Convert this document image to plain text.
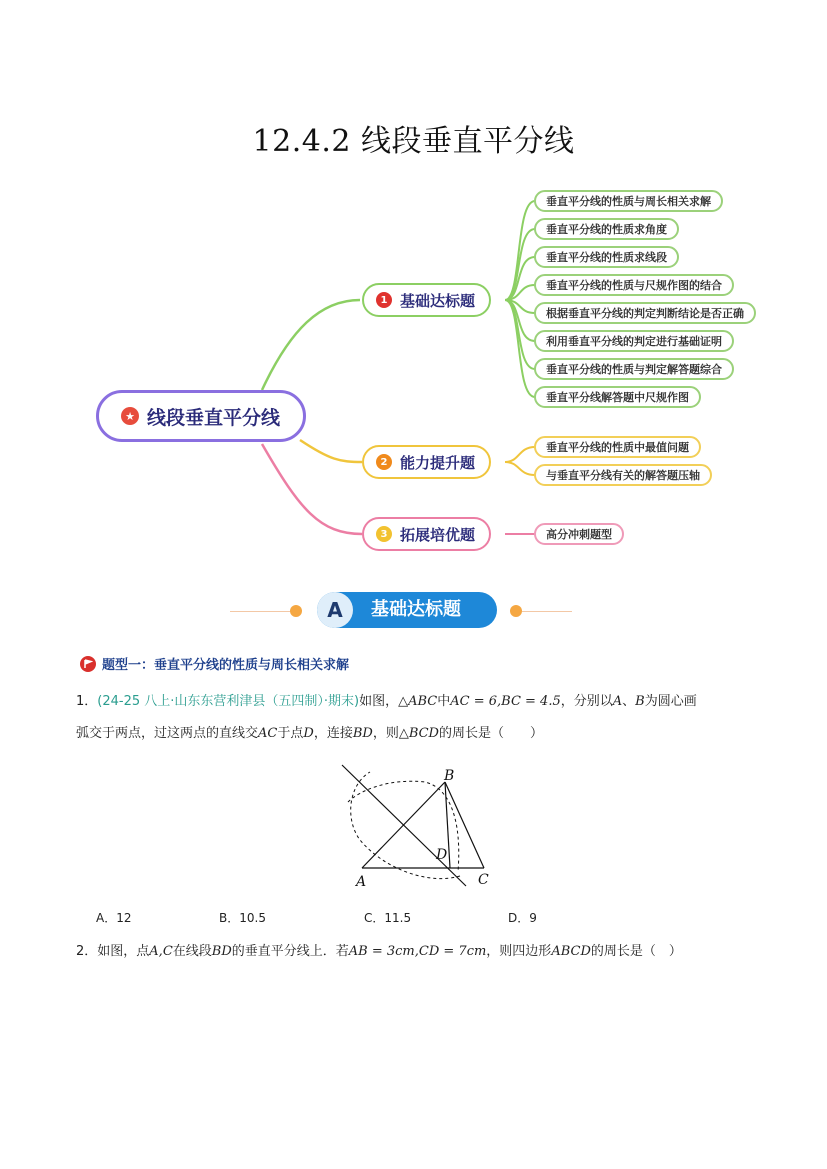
12.4.2 线段垂直平分线
★ 线段垂直平分线
1 基础达标题
2 能力提升题
3 拓展培优题
垂直平分线的性质与周长相关求解
垂直平分线的性质求角度
垂直平分线的性质求线段
垂直平分线的性质与尺规作图的结合
根据垂直平分线的判定判断结论是否正确
利用垂直平分线的判定进行基础证明
垂直平分线的性质与判定解答题综合
垂直平分线解答题中尺规作图
垂直平分线的性质中最值问题
与垂直平分线有关的解答题压轴
高分冲刺题型
A	基础达标题
题型一：垂直平分线的性质与周长相关求解
1．(24-25 八上·山东东营利津县（五四制）·期末)如图，△ABC中AC = 6,BC = 4.5，分别以A、B为圆心画
弧交于两点，过这两点的直线交AC于点D，连接BD，则△BCD的周长是（　　）
B
A	C
D
A．12	B．10.5	C．11.5	D．9
2．如图，点A,C在线段BD的垂直平分线上．若AB = 3cm,CD = 7cm，则四边形ABCD的周长是（　）
